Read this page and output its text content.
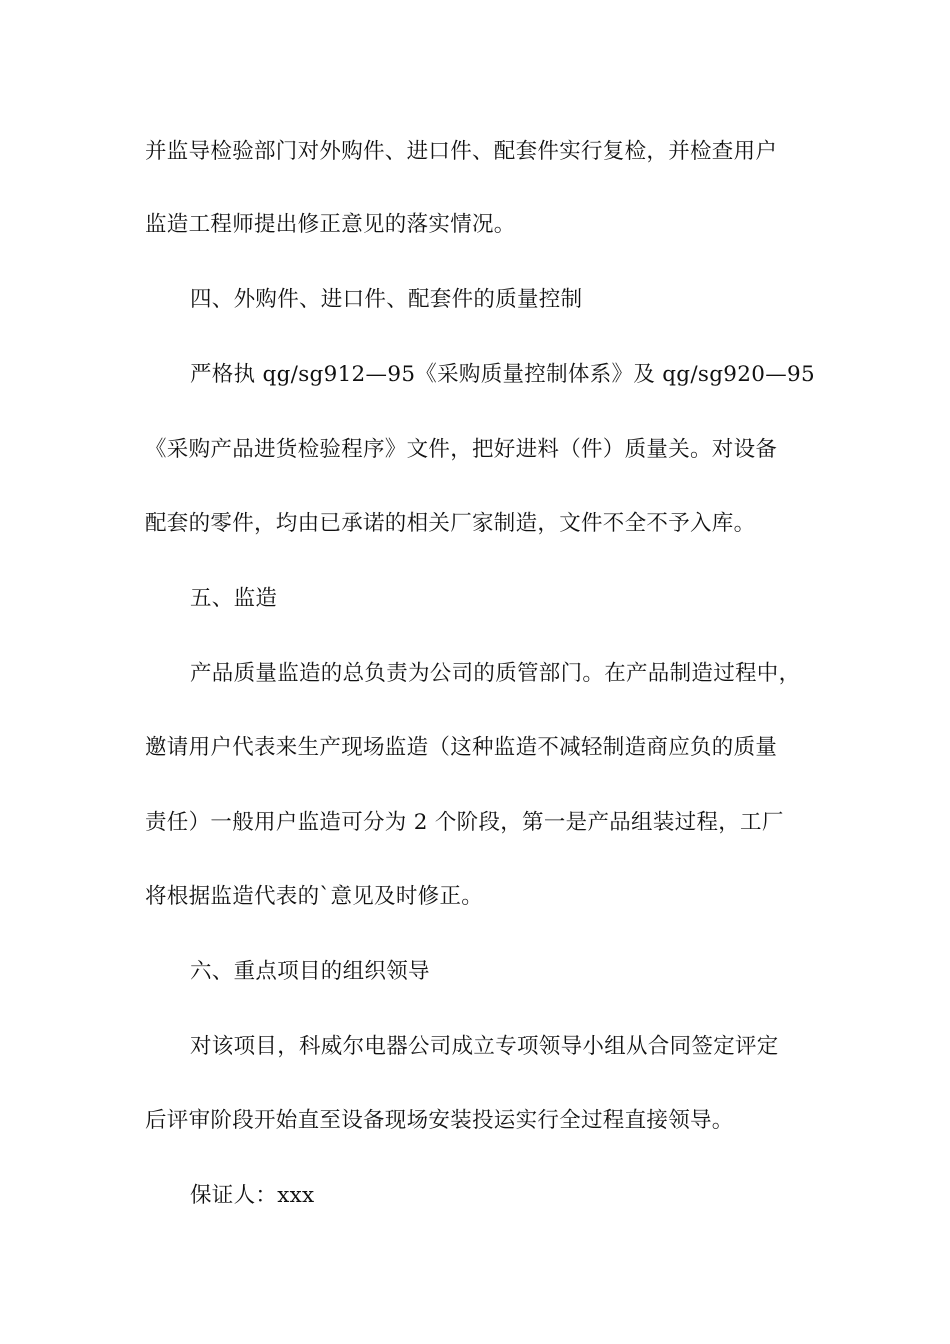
并监导检验部门对外购件、进口件、配套件实行复检，并检查用户
监造工程师提出修正意见的落实情况。
四、外购件、进口件、配套件的质量控制
严格执 qg/sg912—95《采购质量控制体系》及 qg/sg920—95
《采购产品进货检验程序》文件，把好进料（件）质量关。对设备
配套的零件，均由已承诺的相关厂家制造，文件不全不予入库。
五、监造
产品质量监造的总负责为公司的质管部门。在产品制造过程中，
邀请用户代表来生产现场监造（这种监造不减轻制造商应负的质量
责任）一般用户监造可分为 2 个阶段，第一是产品组装过程，工厂
将根据监造代表的`意见及时修正。
六、重点项目的组织领导
对该项目，科威尔电器公司成立专项领导小组从合同签定评定
后评审阶段开始直至设备现场安装投运实行全过程直接领导。
保证人：xxx
